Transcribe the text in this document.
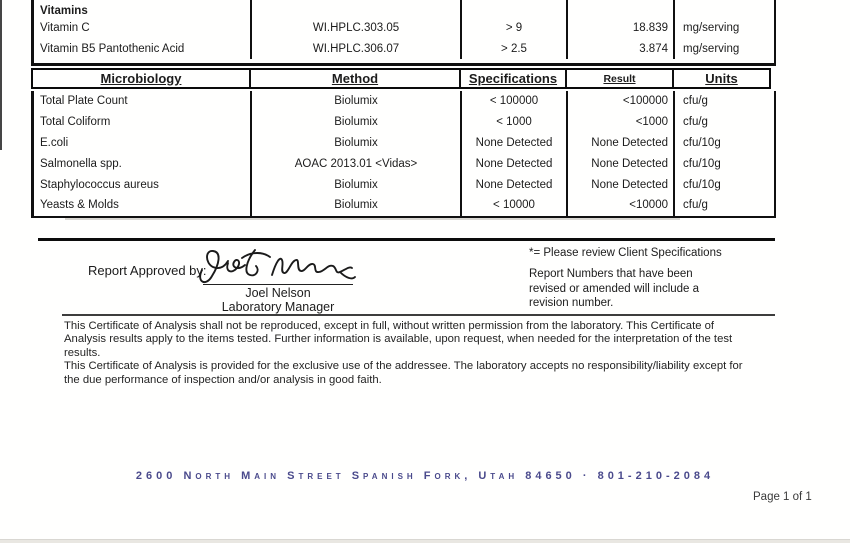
Vitamins
Vitamin C	WI.HPLC.303.05	> 9	18.839	mg/serving
Vitamin B5 Pantothenic Acid	WI.HPLC.306.07	> 2.5	3.874	mg/serving
Microbiology	Method	Specifications	Result	Units
Total Plate Count	Biolumix	< 100000	<100000	cfu/g
Total Coliform	Biolumix	< 1000	<1000	cfu/g
E.coli	Biolumix	None Detected	None Detected	cfu/10g
Salmonella spp.	AOAC 2013.01 <Vidas>	None Detected	None Detected	cfu/10g
Staphylococcus aureus	Biolumix	None Detected	None Detected	cfu/10g
Yeasts & Molds	Biolumix	< 10000	<10000	cfu/g
Report Approved by:
Joel Nelson
Laboratory Manager
*= Please review Client Specifications
Report Numbers that have been revised or amended will include a revision number.

This Certificate of Analysis shall not be reproduced, except in full, without written permission from the laboratory. This Certificate of Analysis results apply to the items tested. Further information is available, upon request, when needed for the interpretation of the test results.

This Certificate of Analysis is provided for the exclusive use of the addressee. The laboratory accepts no responsibility/liability except for the due performance of inspection and/or analysis in good faith.

2600 North Main Street Spanish Fork, Utah 84650 · 801-210-2084
Page 1 of 1
